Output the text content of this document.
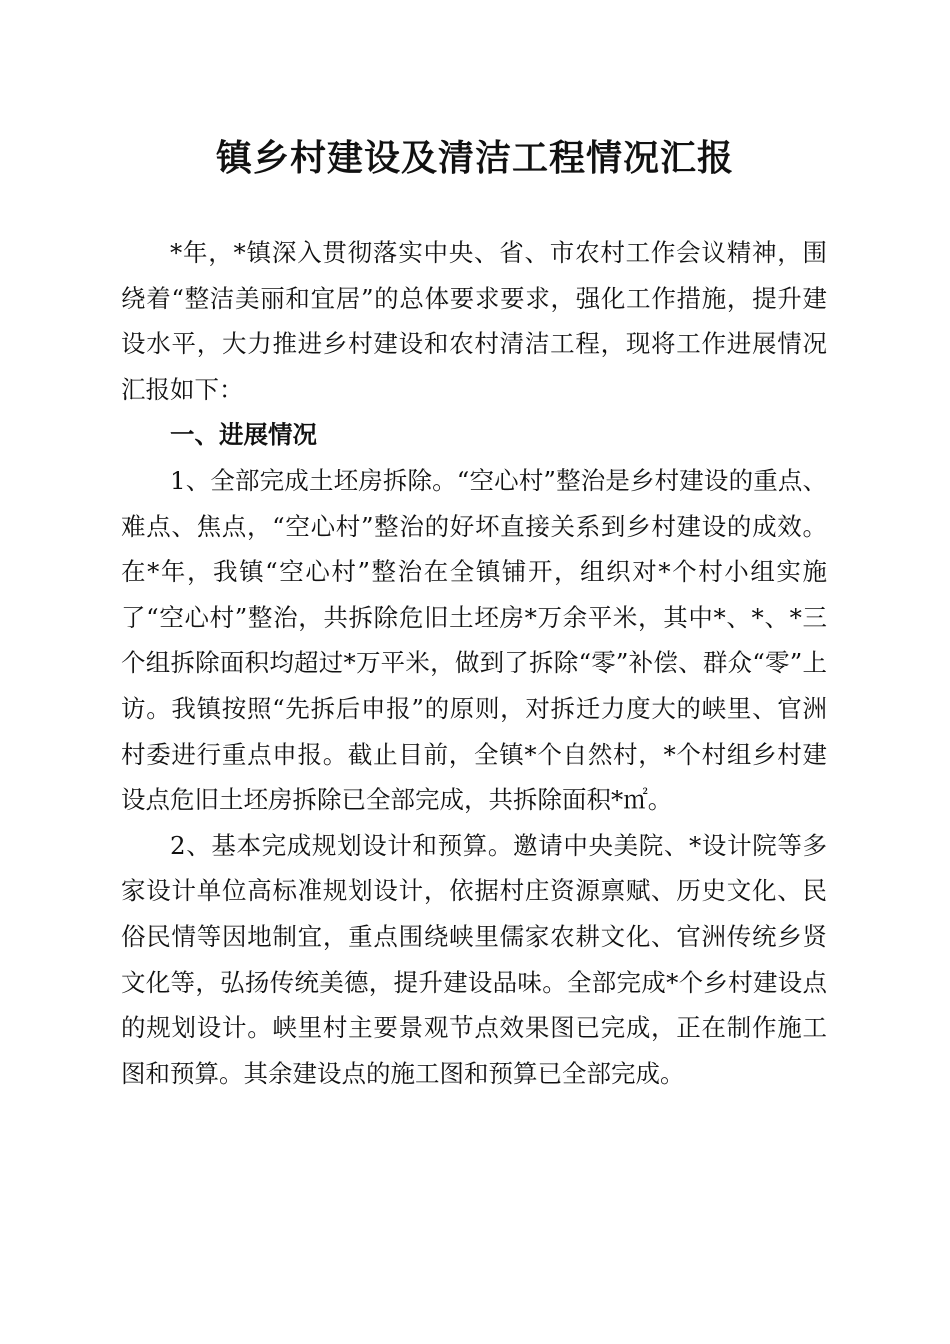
镇乡村建设及清洁工程情况汇报

*年，*镇深入贯彻落实中央、省、市农村工作会议精神，围绕着“整洁美丽和宜居”的总体要求要求，强化工作措施，提升建设水平，大力推进乡村建设和农村清洁工程，现将工作进展情况汇报如下：

一、进展情况

1、全部完成土坯房拆除。“空心村”整治是乡村建设的重点、难点、焦点，“空心村”整治的好坏直接关系到乡村建设的成效。在*年，我镇“空心村”整治在全镇铺开，组织对*个村小组实施了“空心村”整治，共拆除危旧土坯房*万余平米，其中*、*、*三个组拆除面积均超过*万平米，做到了拆除“零”补偿、群众“零”上访。我镇按照“先拆后申报”的原则，对拆迁力度大的峡里、官洲村委进行重点申报。截止目前，全镇*个自然村，*个村组乡村建设点危旧土坯房拆除已全部完成，共拆除面积*㎡。

2、基本完成规划设计和预算。邀请中央美院、*设计院等多家设计单位高标准规划设计，依据村庄资源禀赋、历史文化、民俗民情等因地制宜，重点围绕峡里儒家农耕文化、官洲传统乡贤文化等，弘扬传统美德，提升建设品味。全部完成*个乡村建设点的规划设计。峡里村主要景观节点效果图已完成，正在制作施工图和预算。其余建设点的施工图和预算已全部完成。
